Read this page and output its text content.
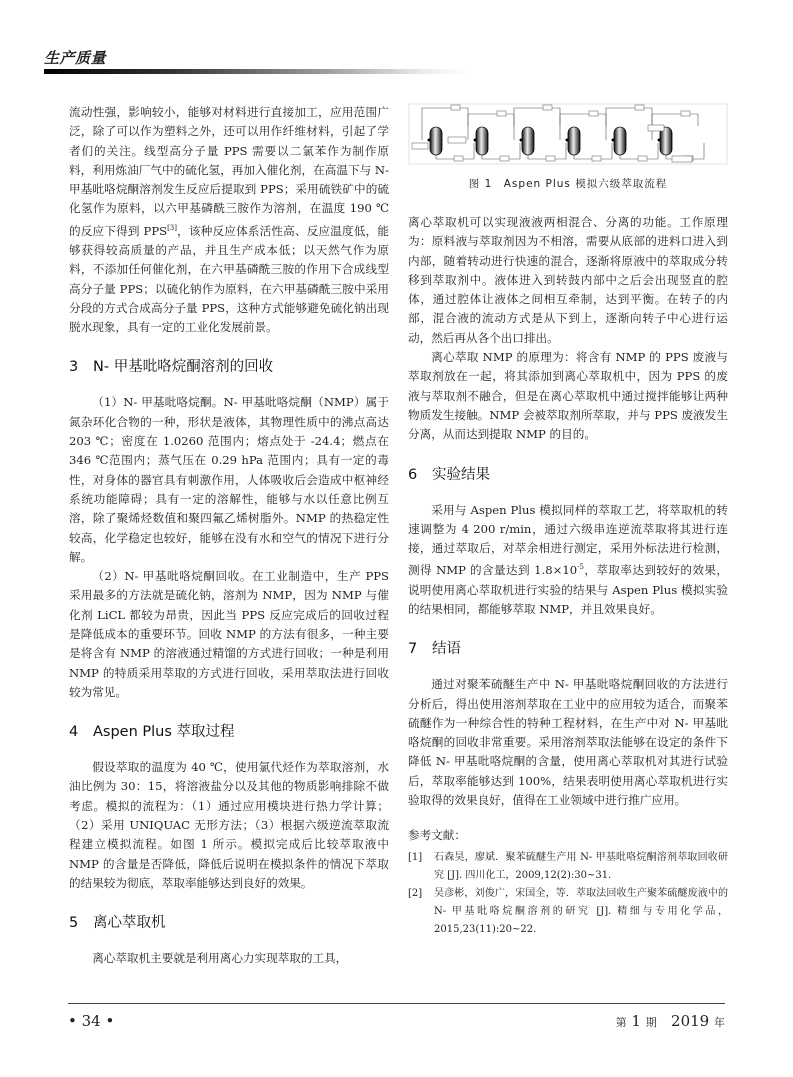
生产质量

流动性强，影响较小，能够对材料进行直接加工，应用范围广泛，除了可以作为塑料之外，还可以用作纤维材料，引起了学者们的关注。线型高分子量 PPS 需要以二氯苯作为制作原料，利用炼油厂气中的硫化氢，再加入催化剂，在高温下与 N- 甲基吡咯烷酮溶剂发生反应后提取到 PPS；采用硫铁矿中的硫化氢作为原料，以六甲基磷酰三胺作为溶剂，在温度 190 ℃的反应下得到 PPS[3]，该种反应体系活性高、反应温度低，能够获得较高质量的产品，并且生产成本低；以天然气作为原料，不添加任何催化剂，在六甲基磷酰三胺的作用下合成线型高分子量 PPS；以硫化钠作为原料，在六甲基磷酰三胺中采用分段的方式合成高分子量 PPS，这种方式能够避免硫化钠出现脱水现象，具有一定的工业化发展前景。

3 N- 甲基吡咯烷酮溶剂的回收

（1）N- 甲基吡咯烷酮。N- 甲基吡咯烷酮（NMP）属于氮杂环化合物的一种，形状是液体，其物理性质中的沸点高达 203 ℃；密度在 1.0260 范围内；熔点处于 -24.4；燃点在 346 ℃范围内；蒸气压在 0.29 hPa 范围内；具有一定的毒性，对身体的器官具有刺激作用，人体吸收后会造成中枢神经系统功能障碍；具有一定的溶解性，能够与水以任意比例互溶，除了聚烯烃数值和聚四氟乙烯树脂外。NMP 的热稳定性较高，化学稳定也较好，能够在没有水和空气的情况下进行分解。

（2）N- 甲基吡咯烷酮回收。在工业制造中，生产 PPS 采用最多的方法就是硫化钠，溶剂为 NMP，因为 NMP 与催化剂 LiCL 都较为昂贵，因此当 PPS 反应完成后的回收过程是降低成本的重要环节。回收 NMP 的方法有很多，一种主要是将含有 NMP 的溶液通过精馏的方式进行回收；一种是利用 NMP 的特质采用萃取的方式进行回收，采用萃取法进行回收较为常见。

4 Aspen Plus 萃取过程

假设萃取的温度为 40 ℃，使用氯代烃作为萃取溶剂，水油比例为 30：15，将溶液盐分以及其他的物质影响排除不做考虑。模拟的流程为：（1）通过应用模块进行热力学计算；（2）采用 UNIQUAC 无形方法；（3）根据六级逆流萃取流程建立模拟流程。如图 1 所示。模拟完成后比较萃取液中 NMP 的含量是否降低，降低后说明在模拟条件的情况下萃取的结果较为彻底，萃取率能够达到良好的效果。

5 离心萃取机

离心萃取机主要就是利用离心力实现萃取的工具，

图 1　Aspen Plus 模拟六级萃取流程

离心萃取机可以实现液液两相混合、分离的功能。工作原理为：原料液与萃取剂因为不相溶，需要从底部的进料口进入到内部，随着转动进行快速的混合，逐渐将原液中的萃取成分转移到萃取剂中。液体进入到转鼓内部中之后会出现竖直的腔体，通过腔体让液体之间相互牵制，达到平衡。在转子的内部，混合液的流动方式是从下到上，逐渐向转子中心进行运动，然后再从各个出口排出。

离心萃取 NMP 的原理为：将含有 NMP 的 PPS 废液与萃取剂放在一起，将其添加到离心萃取机中，因为 PPS 的废液与萃取剂不融合，但是在离心萃取机中通过搅拌能够让两种物质发生接触。NMP 会被萃取剂所萃取，并与 PPS 废液发生分离，从而达到提取 NMP 的目的。

6 实验结果

采用与 Aspen Plus 模拟同样的萃取工艺，将萃取机的转速调整为 4 200 r/min，通过六级串连逆流萃取将其进行连接，通过萃取后，对萃余相进行测定，采用外标法进行检测，测得 NMP 的含量达到 $1.8\times 10^{-5}$，萃取率达到较好的效果，说明使用离心萃取机进行实验的结果与 Aspen Plus 模拟实验的结果相同，都能够萃取 NMP，并且效果良好。

7 结语

通过对聚苯硫醚生产中 N- 甲基吡咯烷酮回收的方法进行分析后，得出使用溶剂萃取在工业中的应用较为适合，而聚苯硫醚作为一种综合性的特种工程材料，在生产中对 N- 甲基吡咯烷酮的回收非常重要。采用溶剂萃取法能够在设定的条件下降低 N- 甲基吡咯烷酮的含量，使用离心萃取机对其进行试验后，萃取率能够达到 100%，结果表明使用离心萃取机进行实验取得的效果良好，值得在工业领域中进行推广应用。

参考文献：

[1]	石森昊，廖斌．聚苯硫醚生产用 N- 甲基吡咯烷酮溶剂萃取回收研究 [J]. 四川化工，2009,12(2):30~31.
[2]	吴彦彬，刘俊广，宋国全，等．萃取法回收生产聚苯硫醚废液中的 N- 甲基吡咯烷酮溶剂的研究 [J]. 精细与专用化学品，2015,23(11):20~22.
• 34 •	第 1 期 2019 年
